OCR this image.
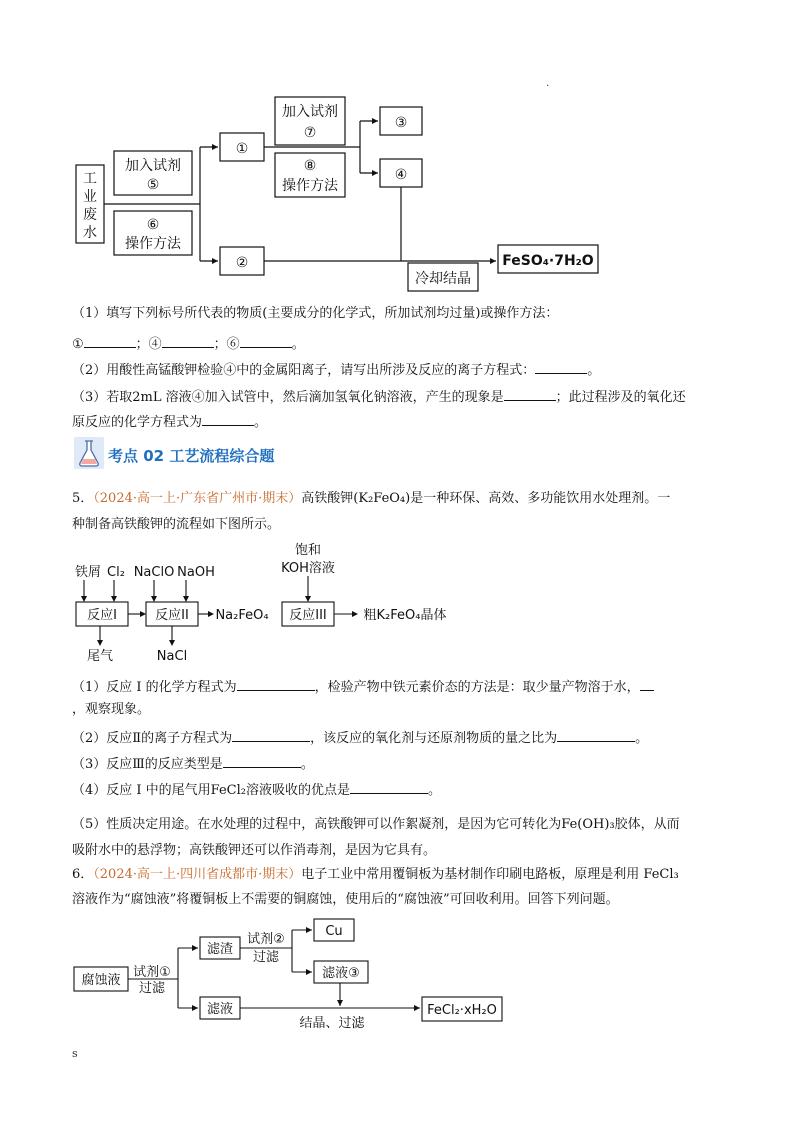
.
工
业
废
水
加入试剂
⑤
⑥
操作方法
①
②
加入试剂
⑦
⑧
操作方法
③
④
冷却结晶
FeSO₄·7H₂O
（1）填写下列标号所代表的物质(主要成分的化学式，所加试剂均过量)或操作方法：
①	；④	；⑥	。
（2）用酸性高锰酸钾检验④中的金属阳离子，请写出所涉及反应的离子方程式：	。
（3）若取2mL 溶液④加入试管中，然后滴加氢氧化钠溶液，产生的现象是	；此过程涉及的氧化还
原反应的化学方程式为	。
考点 02 工艺流程综合题
5．（2024·高一上·广东省广州市·期末）高铁酸钾(K₂FeO₄)是一种环保、高效、多功能饮用水处理剂。一
种制备高铁酸钾的流程如下图所示。
铁屑 Cl₂ NaClO NaOH
饱和
KOH溶液
反应I	反应II Na₂FeO₄ 反应III	粗K₂FeO₄晶体
尾气	NaCl
（1）反应 I 的化学方程式为	，检验产物中铁元素价态的方法是：取少量产物溶于水，
，观察现象。
（2）反应Ⅱ的离子方程式为	，该反应的氧化剂与还原剂物质的量之比为	。
（3）反应Ⅲ的反应类型是	。
（4）反应 I 中的尾气用FeCl₂溶液吸收的优点是	。
（5）性质决定用途。在水处理的过程中，高铁酸钾可以作絮凝剂，是因为它可转化为Fe(OH)₃胶体，从而
吸附水中的悬浮物；高铁酸钾还可以作消毒剂，是因为它具有。
6．（2024·高一上·四川省成都市·期末）电子工业中常用覆铜板为基材制作印刷电路板，原理是利用 FeCl₃
溶液作为“腐蚀液”将覆铜板上不需要的铜腐蚀，使用后的“腐蚀液”可回收利用。回答下列问题。
腐蚀液
试剂①
过滤
滤渣
滤液
试剂②
过滤
Cu
滤液③
结晶、过滤
FeCl₂·xH₂O
s
